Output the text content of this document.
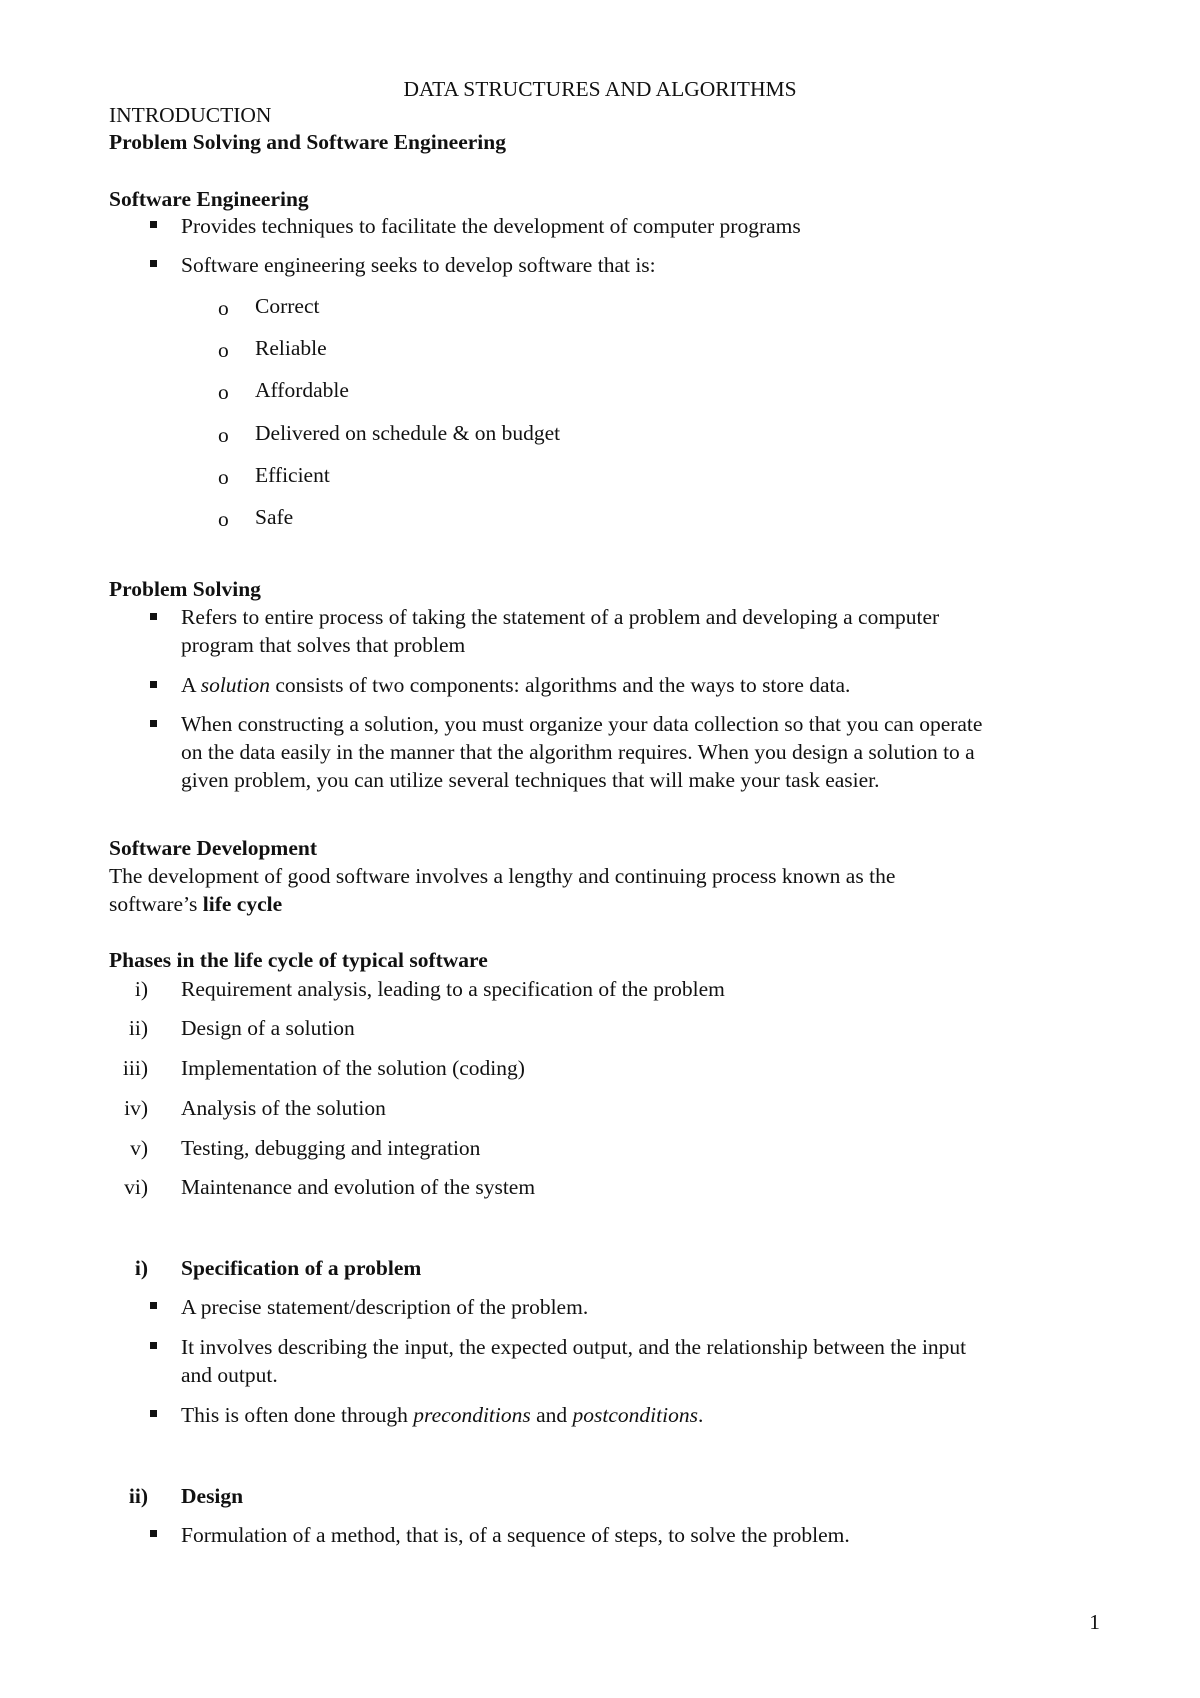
DATA STRUCTURES AND ALGORITHMS
INTRODUCTION
Problem Solving and Software Engineering
Software Engineering
Provides techniques to facilitate the development of computer programs
Software engineering seeks to develop software that is:
o Correct
o Reliable
o Affordable
o Delivered on schedule & on budget
o Efficient
o Safe
Problem Solving
Refers to entire process of taking the statement of a problem and developing a computer
program that solves that problem
A solution consists of two components: algorithms and the ways to store data.
When constructing a solution, you must organize your data collection so that you can operate
on the data easily in the manner that the algorithm requires. When you design a solution to a
given problem, you can utilize several techniques that will make your task easier.
Software Development
The development of good software involves a lengthy and continuing process known as the
software’s life cycle
Phases in the life cycle of typical software
i) Requirement analysis, leading to a specification of the problem
ii) Design of a solution
iii) Implementation of the solution (coding)
iv) Analysis of the solution
v) Testing, debugging and integration
vi) Maintenance and evolution of the system
i) Specification of a problem
A precise statement/description of the problem.
It involves describing the input, the expected output, and the relationship between the input
and output.
This is often done through preconditions and postconditions.
ii) Design
Formulation of a method, that is, of a sequence of steps, to solve the problem.
1
